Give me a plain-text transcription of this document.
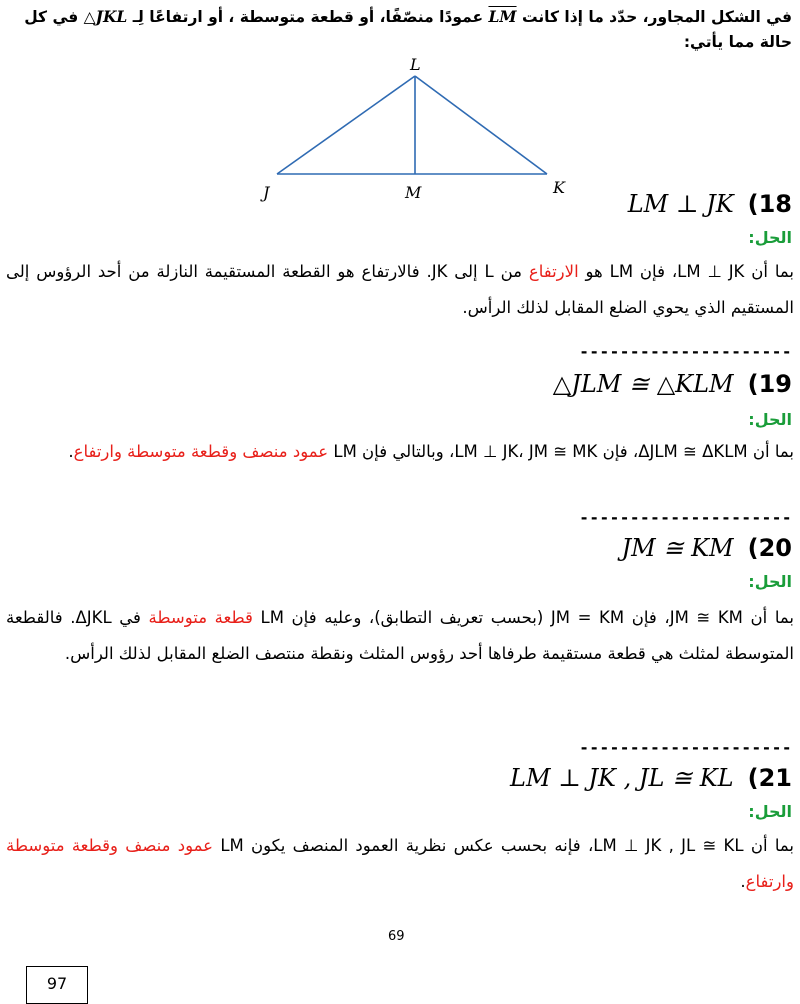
في الشكل المجاور، حدّد ما إذا كانت LM عمودًا منصّفًا، أو قطعة متوسطة ، أو ارتفاعًا لِـ JKL△ في كل حالة مما يأتي:
L
J	M	K
LM ⊥ JK (18
الحل:
بما أن LM ⊥ JK، فإن LM هو الارتفاع من L إلى JK. فالارتفاع هو القطعة المستقيمة النازلة من أحد الرؤوس إلى المستقيم الذي يحوي الضلع المقابل لذلك الرأس.
---------------------
△JLM ≅ △KLM (19
الحل:
بما أن ΔJLM ≅ ΔKLM، فإن LM ⊥ JK، JM ≅ MK، وبالتالي فإن LM عمود منصف وقطعة متوسطة وارتفاع.
---------------------
JM ≅ KM (20
الحل:
بما أن JM ≅ KM، فإن JM = KM (بحسب تعريف التطابق)، وعليه فإن LM قطعة متوسطة في ΔJKL. فالقطعة المتوسطة لمثلث هي قطعة مستقيمة طرفاها أحد رؤوس المثلث ونقطة منتصف الضلع المقابل لذلك الرأس.
---------------------
LM ⊥ JK , JL ≅ KL (21
الحل:
بما أن LM ⊥ JK , JL ≅ KL، فإنه بحسب عكس نظرية العمود المنصف يكون LM عمود منصف وقطعة متوسطة وارتفاع.
69
97
